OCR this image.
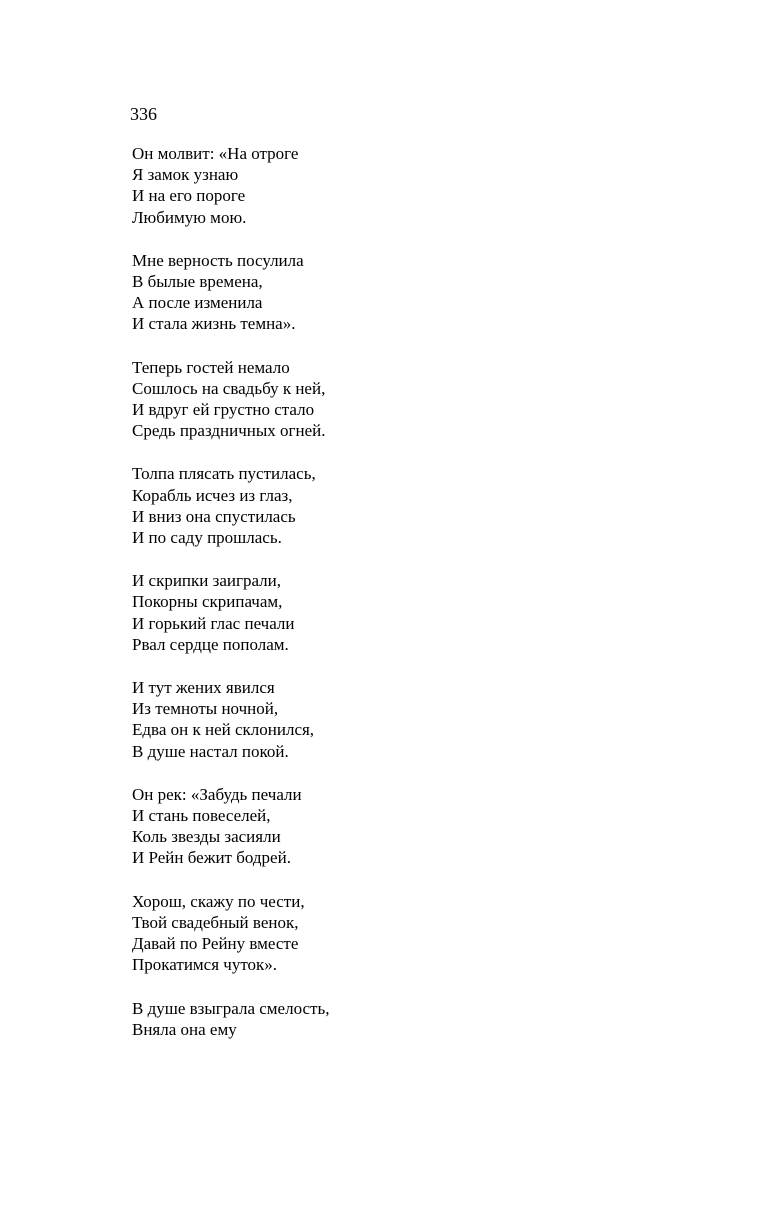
336
Он молвит: «На отроге
Я замок узнаю
И на его пороге
Любимую мою.
Мне верность посулила
В былые времена,
А после изменила
И стала жизнь темна».
Теперь гостей немало
Сошлось на свадьбу к ней,
И вдруг ей грустно стало
Средь праздничных огней.
Толпа плясать пустилась,
Корабль исчез из глаз,
И вниз она спустилась
И по саду прошлась.
И скрипки заиграли,
Покорны скрипачам,
И горький глас печали
Рвал сердце пополам.
И тут жених явился
Из темноты ночной,
Едва он к ней склонился,
В душе настал покой.
Он рек: «Забудь печали
И стань повеселей,
Коль звезды засияли
И Рейн бежит бодрей.
Хорош, скажу по чести,
Твой свадебный венок,
Давай по Рейну вместе
Прокатимся чуток».
В душе взыграла смелость,
Вняла она ему
